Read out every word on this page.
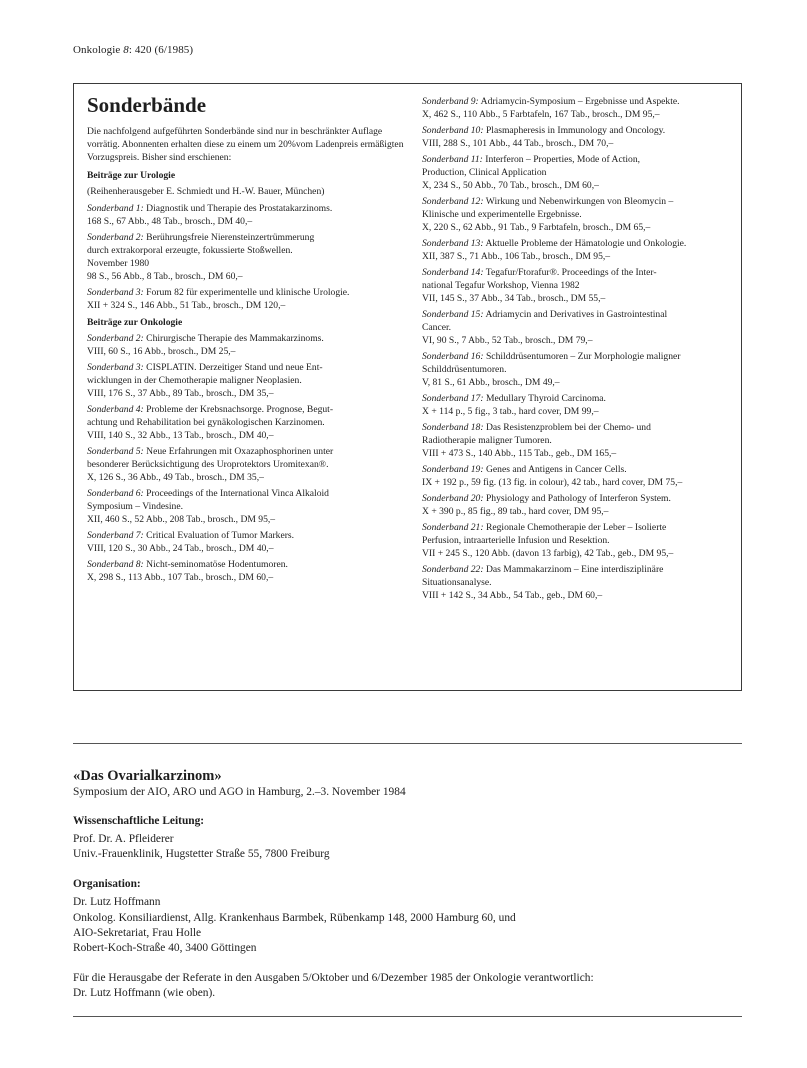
Onkologie 8: 420 (6/1985)
Sonderbände

Die nachfolgend aufgeführten Sonderbände sind nur in beschränkter Auflage vorrätig. Abonnenten erhalten diese zu einem um 20%vom Ladenpreis ermäßigten Vorzugspreis. Bisher sind erschienen:

Beiträge zur Urologie
(Reihenherausgeber E. Schmiedt und H.-W. Bauer, München)
Sonderband 1: Diagnostik und Therapie des Prostatakarzinoms.
168 S., 67 Abb., 48 Tab., brosch., DM 40,–
Sonderband 2: Berührungsfreie Nierensteinzertrümmerung
durch extrakorporal erzeugte, fokussierte Stoßwellen.
November 1980
98 S., 56 Abb., 8 Tab., brosch., DM 60,–
Sonderband 3: Forum 82 für experimentelle und klinische Urologie.
XII + 324 S., 146 Abb., 51 Tab., brosch., DM 120,–
Beiträge zur Onkologie
Sonderband 2: Chirurgische Therapie des Mammakarzinoms.
VIII, 60 S., 16 Abb., brosch., DM 25,–
Sonderband 3: CISPLATIN. Derzeitiger Stand und neue Ent-
wicklungen in der Chemotherapie maligner Neoplasien.
VIII, 176 S., 37 Abb., 89 Tab., brosch., DM 35,–
Sonderband 4: Probleme der Krebsnachsorge. Prognose, Begut-
achtung und Rehabilitation bei gynäkologischen Karzinomen.
VIII, 140 S., 32 Abb., 13 Tab., brosch., DM 40,–
Sonderband 5: Neue Erfahrungen mit Oxazaphosphorinen unter
besonderer Berücksichtigung des Uroprotektors Uromitexan®.
X, 126 S., 36 Abb., 49 Tab., brosch., DM 35,–
Sonderband 6: Proceedings of the International Vinca Alkaloid
Symposium – Vindesine.
XII, 460 S., 52 Abb., 208 Tab., brosch., DM 95,–
Sonderband 7: Critical Evaluation of Tumor Markers.
VIII, 120 S., 30 Abb., 24 Tab., brosch., DM 40,–
Sonderband 8: Nicht-seminomatöse Hodentumoren.
X, 298 S., 113 Abb., 107 Tab., brosch., DM 60,–
Sonderband 9: Adriamycin-Symposium – Ergebnisse und Aspekte.
X, 462 S., 110 Abb., 5 Farbtafeln, 167 Tab., brosch., DM 95,–
Sonderband 10: Plasmapheresis in Immunology and Oncology.
VIII, 288 S., 101 Abb., 44 Tab., brosch., DM 70,–
Sonderband 11: Interferon – Properties, Mode of Action,
Production, Clinical Application
X, 234 S., 50 Abb., 70 Tab., brosch., DM 60,–
Sonderband 12: Wirkung und Nebenwirkungen von Bleomycin –
Klinische und experimentelle Ergebnisse.
X, 220 S., 62 Abb., 91 Tab., 9 Farbtafeln, brosch., DM 65,–
Sonderband 13: Aktuelle Probleme der Hämatologie und Onkologie.
XII, 387 S., 71 Abb., 106 Tab., brosch., DM 95,–
Sonderband 14: Tegafur/Ftorafur®. Proceedings of the Inter-
national Tegafur Workshop, Vienna 1982
VII, 145 S., 37 Abb., 34 Tab., brosch., DM 55,–
Sonderband 15: Adriamycin and Derivatives in Gastrointestinal
Cancer.
VI, 90 S., 7 Abb., 52 Tab., brosch., DM 79,–
Sonderband 16: Schilddrüsentumoren – Zur Morphologie maligner
Schilddrüsentumoren.
V, 81 S., 61 Abb., brosch., DM 49,–
Sonderband 17: Medullary Thyroid Carcinoma.
X + 114 p., 5 fig., 3 tab., hard cover, DM 99,–
Sonderband 18: Das Resistenzproblem bei der Chemo- und
Radiotherapie maligner Tumoren.
VIII + 473 S., 140 Abb., 115 Tab., geb., DM 165,–
Sonderband 19: Genes and Antigens in Cancer Cells.
IX + 192 p., 59 fig. (13 fig. in colour), 42 tab., hard cover, DM 75,–
Sonderband 20: Physiology and Pathology of Interferon System.
X + 390 p., 85 fig., 89 tab., hard cover, DM 95,–
Sonderband 21: Regionale Chemotherapie der Leber – Isolierte
Perfusion, intraarterielle Infusion und Resektion.
VII + 245 S., 120 Abb. (davon 13 farbig), 42 Tab., geb., DM 95,–
Sonderband 22: Das Mammakarzinom – Eine interdisziplinäre
Situationsanalyse.
VIII + 142 S., 34 Abb., 54 Tab., geb., DM 60,–
«Das Ovarialkarzinom»

Symposium der AIO, ARO und AGO in Hamburg, 2.–3. November 1984

Wissenschaftliche Leitung:
Prof. Dr. A. Pfleiderer
Univ.-Frauenklinik, Hugstetter Straße 55, 7800 Freiburg
Organisation:
Dr. Lutz Hoffmann
Onkolog. Konsiliardienst, Allg. Krankenhaus Barmbek, Rübenkamp 148, 2000 Hamburg 60, und
AIO-Sekretariat, Frau Holle
Robert-Koch-Straße 40, 3400 Göttingen
Für die Herausgabe der Referate in den Ausgaben 5/Oktober und 6/Dezember 1985 der Onkologie verantwortlich:
Dr. Lutz Hoffmann (wie oben).
